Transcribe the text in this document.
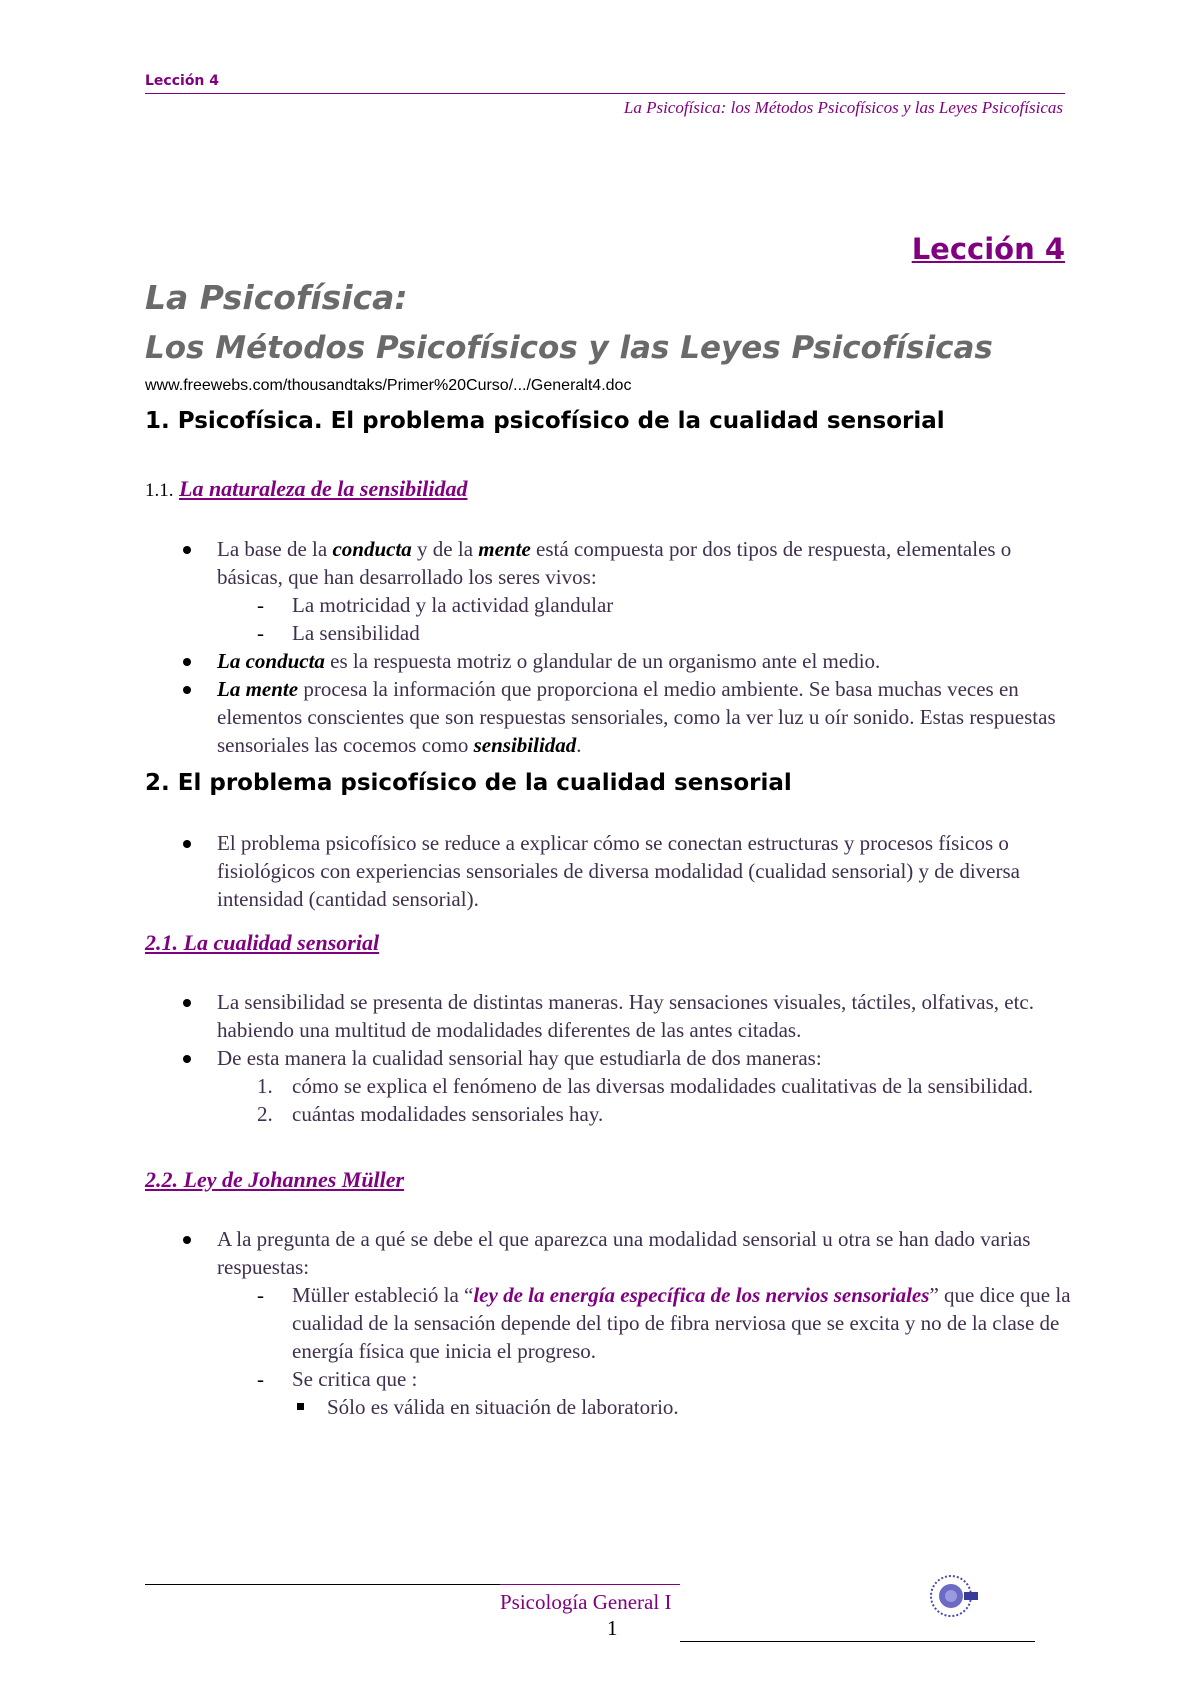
Lección 4
La Psicofísica: los Métodos Psicofísicos y las Leyes Psicofísicas
Lección 4
La Psicofísica:
Los Métodos Psicofísicos y las Leyes Psicofísicas
www.freewebs.com/thousandtaks/Primer%20Curso/.../Generalt4.doc
1. Psicofísica. El problema psicofísico de la cualidad sensorial
1.1. La naturaleza de la sensibilidad
La base de la conducta y de la mente está compuesta por dos tipos de respuesta, elementales o básicas, que han desarrollado los seres vivos:
- La motricidad y la actividad glandular
- La sensibilidad
La conducta es la respuesta motriz o glandular de un organismo ante el medio.
La mente procesa la información que proporciona el medio ambiente. Se basa muchas veces en elementos conscientes que son respuestas sensoriales, como la ver luz u oír sonido. Estas respuestas sensoriales las cocemos como sensibilidad.
2. El problema psicofísico de la cualidad sensorial
El problema psicofísico se reduce a explicar cómo se conectan estructuras y procesos físicos o fisiológicos con experiencias sensoriales de diversa modalidad (cualidad sensorial) y de diversa intensidad (cantidad sensorial).
2.1. La cualidad sensorial
La sensibilidad se presenta de distintas maneras. Hay sensaciones visuales, táctiles, olfativas, etc. habiendo una multitud de modalidades diferentes de las antes citadas.
De esta manera la cualidad sensorial hay que estudiarla de dos maneras:
1. cómo se explica el fenómeno de las diversas modalidades cualitativas de la sensibilidad.
2. cuántas modalidades sensoriales hay.
2.2. Ley de Johannes Müller
A la pregunta de a qué se debe el que aparezca una modalidad sensorial u otra se han dado varias respuestas:
- Müller estableció la “ley de la energía específica de los nervios sensoriales” que dice que la cualidad de la sensación depende del tipo de fibra nerviosa que se excita y no de la clase de energía física que inicia el progreso.
- Se critica que :
Sólo es válida en situación de laboratorio.
Psicología General I
1
